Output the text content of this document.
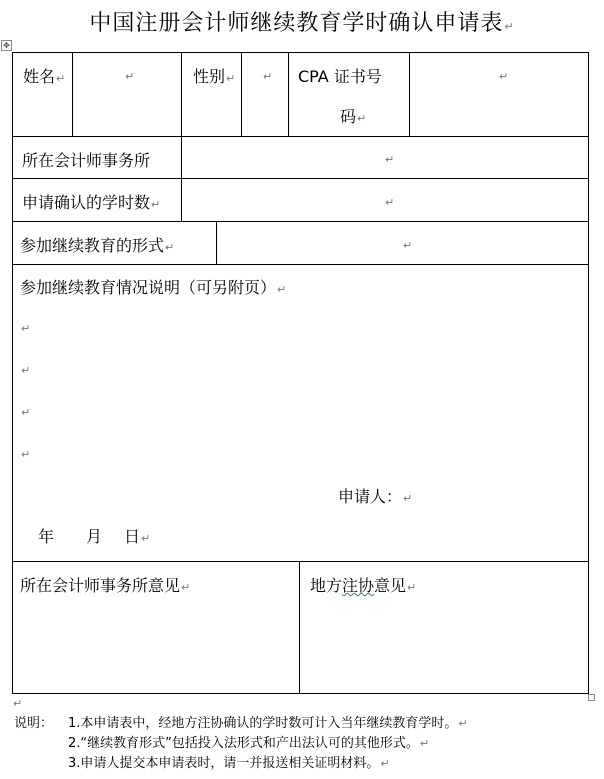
中国注册会计师继续教育学时确认申请表↵
✥
姓名↵	↵	性别↵	↵ CPA 证书号
码↵
↵
所在会计师事务所	↵
申请确认的学时数↵	↵
参加继续教育的形式↵	↵
参加继续教育情况说明（可另附页）↵
↵
↵
↵
↵
申请人：↵
年 月 日↵
所在会计师事务所意见↵	地方注协意见↵
↵
说明： 1.本申请表中，经地方注协确认的学时数可计入当年继续教育学时。↵
2.“继续教育形式”包括投入法形式和产出法认可的其他形式。↵
3.申请人提交本申请表时，请一并报送相关证明材料。↵
